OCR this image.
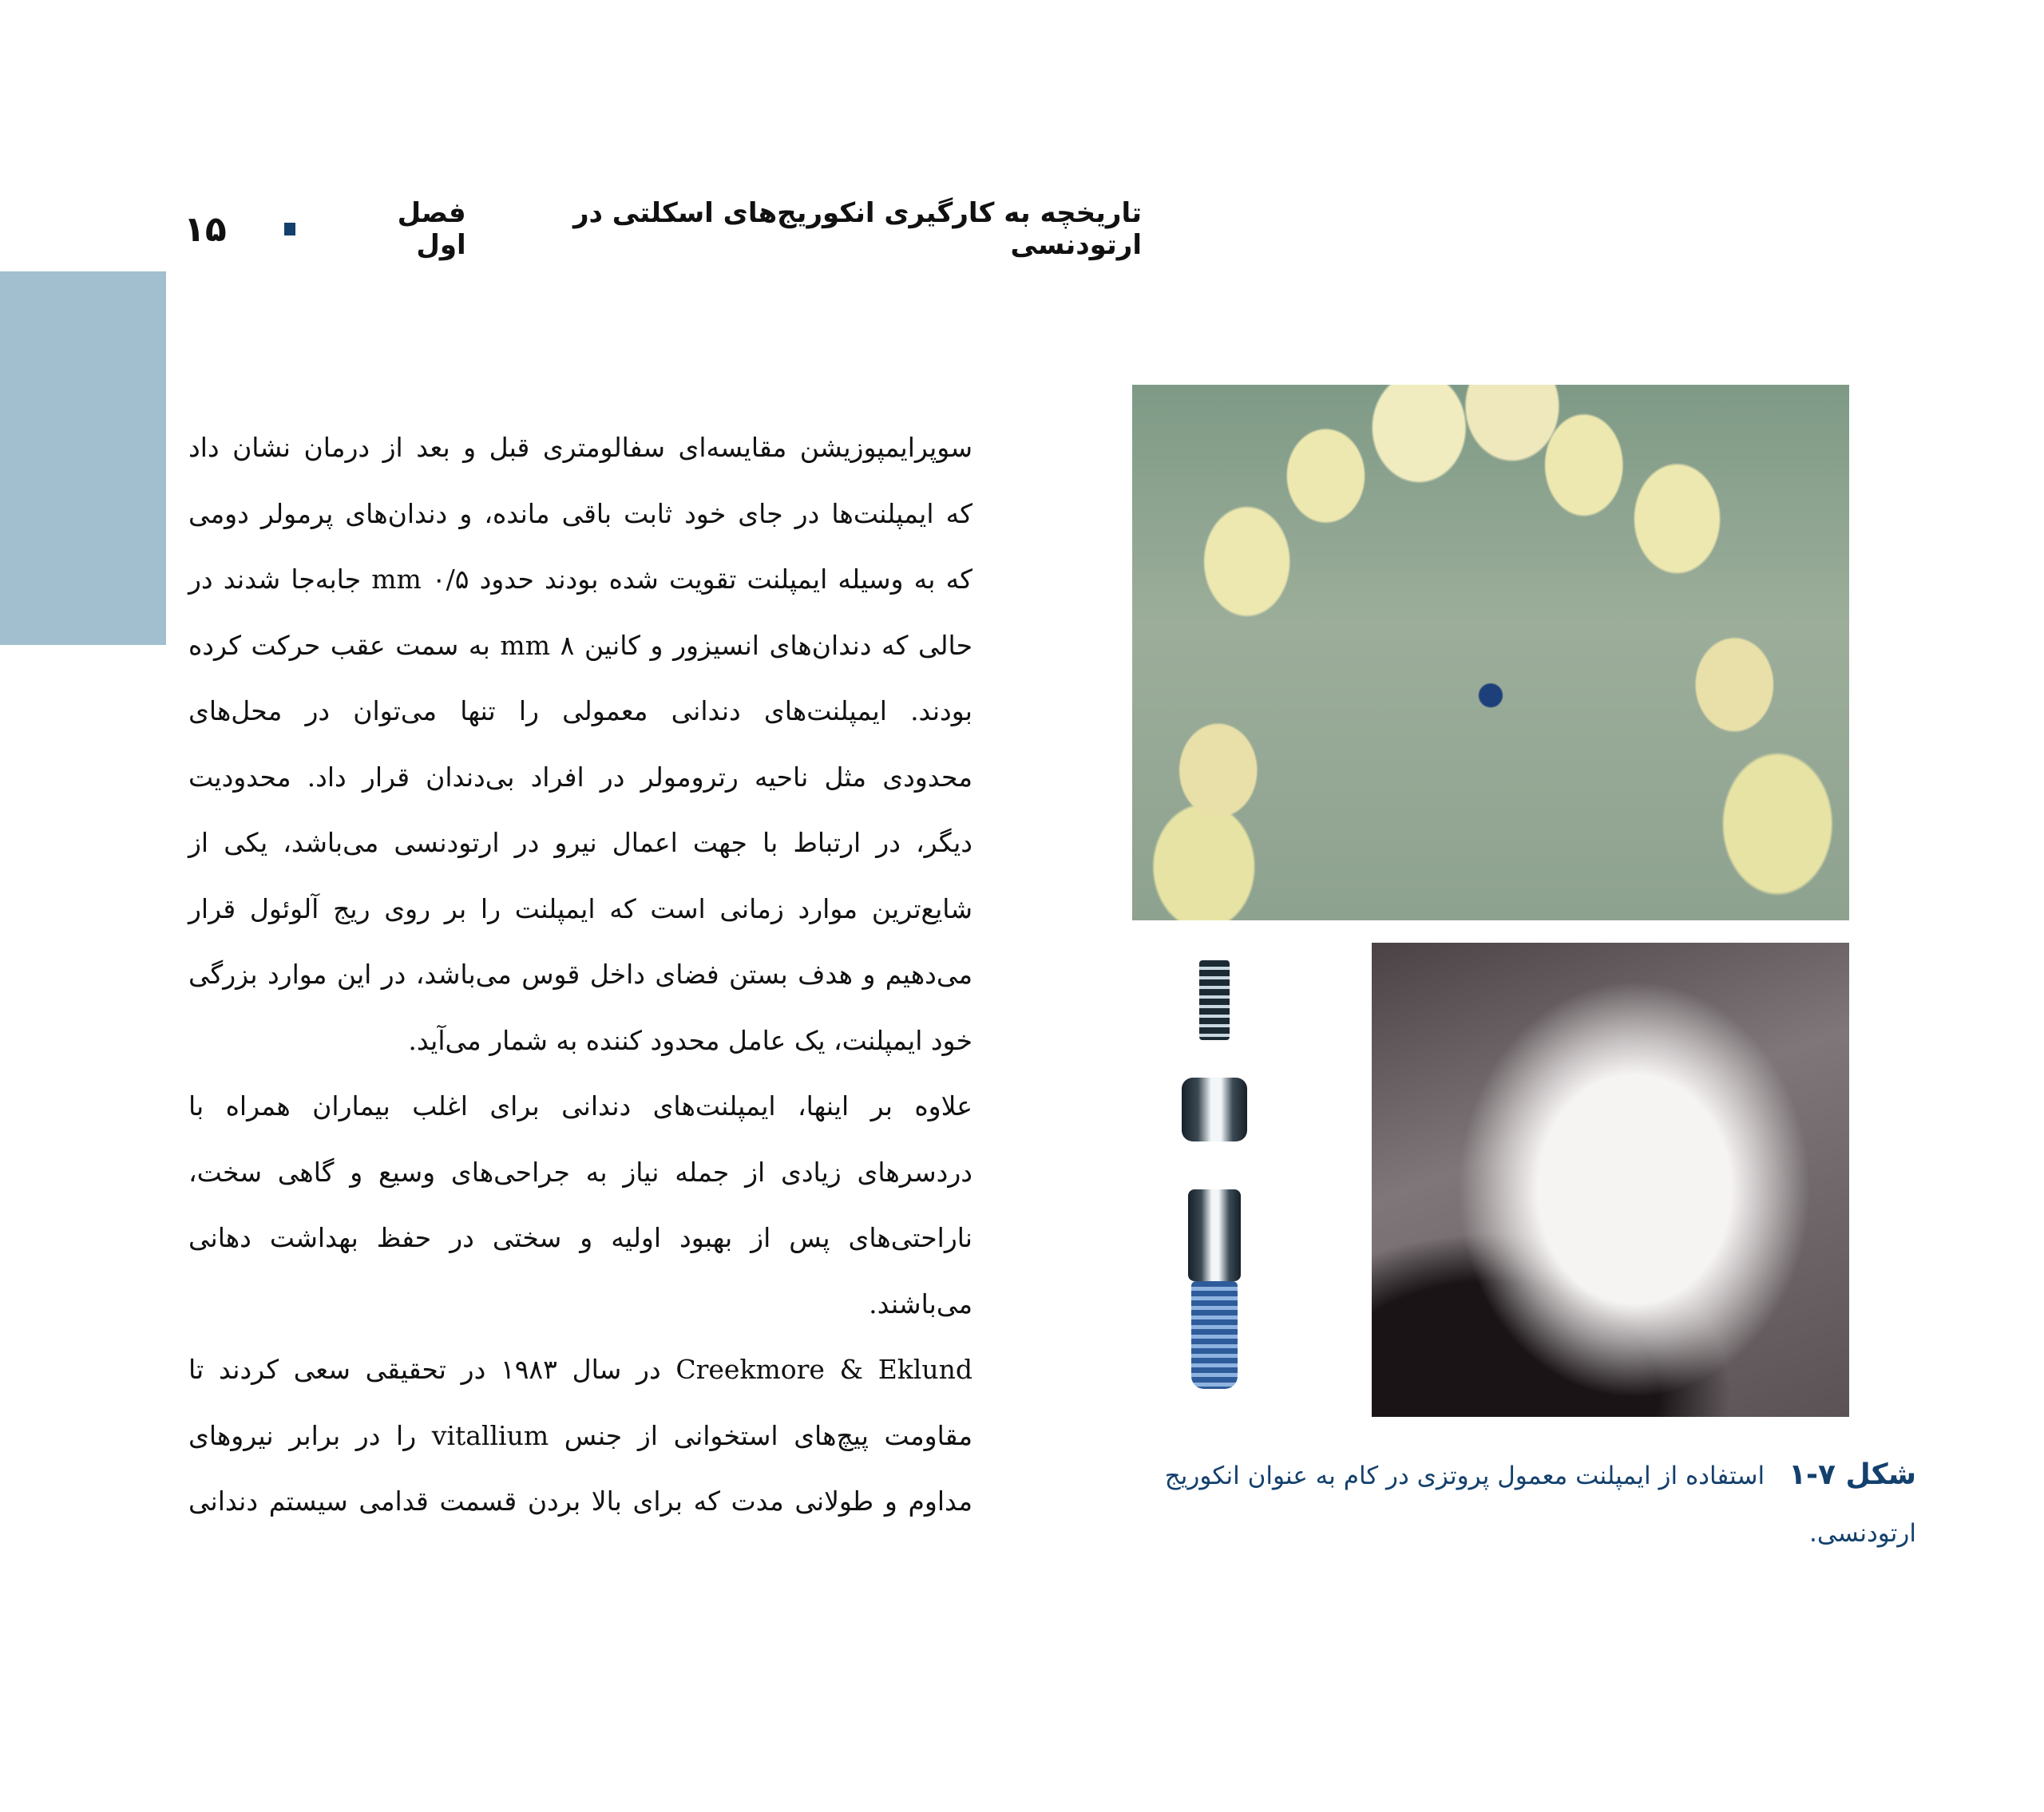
تاریخچه به کارگیری انکوریج‌های اسکلتی در ارتودنسی
فصل اول
۱۵

سوپرایمپوزیشن مقایسه‌ای سفالومتری قبل و بعد از درمان نشان داد
که ایمپلنت‌ها در جای خود ثابت باقی مانده، و دندان‌های پرمولر دومی
که به وسیله ایمپلنت تقویت شده بودند حدود ۰/۵ mm جابه‌جا شدند در
حالی که دندان‌های انسیزور و کانین ۸ mm به سمت عقب حرکت کرده
بودند. ایمپلنت‌های دندانی معمولی را تنها می‌توان در محل‌های
محدودی مثل ناحیه رترومولر در افراد بی‌دندان قرار داد. محدودیت
دیگر، در ارتباط با جهت اعمال نیرو در ارتودنسی می‌باشد، یکی از
شایع‌ترین موارد زمانی است که ایمپلنت را بر روی ریج آلوئول قرار
می‌دهیم و هدف بستن فضای داخل قوس می‌باشد، در این موارد بزرگی
خود ایمپلنت، یک عامل محدود کننده به شمار می‌آید.

علاوه بر اینها، ایمپلنت‌های دندانی برای اغلب بیماران همراه با
دردسرهای زیادی از جمله نیاز به جراحی‌های وسیع و گاهی سخت،
ناراحتی‌های پس از بهبود اولیه و سختی در حفظ بهداشت دهانی
می‌باشند.

Creekmore & Eklund در سال ۱۹۸۳ در تحقیقی سعی کردند تا
مقاومت پیچ‌های استخوانی از جنس vitallium را در برابر نیروهای
مداوم و طولانی مدت که برای بالا بردن قسمت قدامی سیستم دندانی

شکل ۷-۱استفاده از ایمپلنت معمول پروتزی در کام به عنوان انکوریج ارتودنسی.
